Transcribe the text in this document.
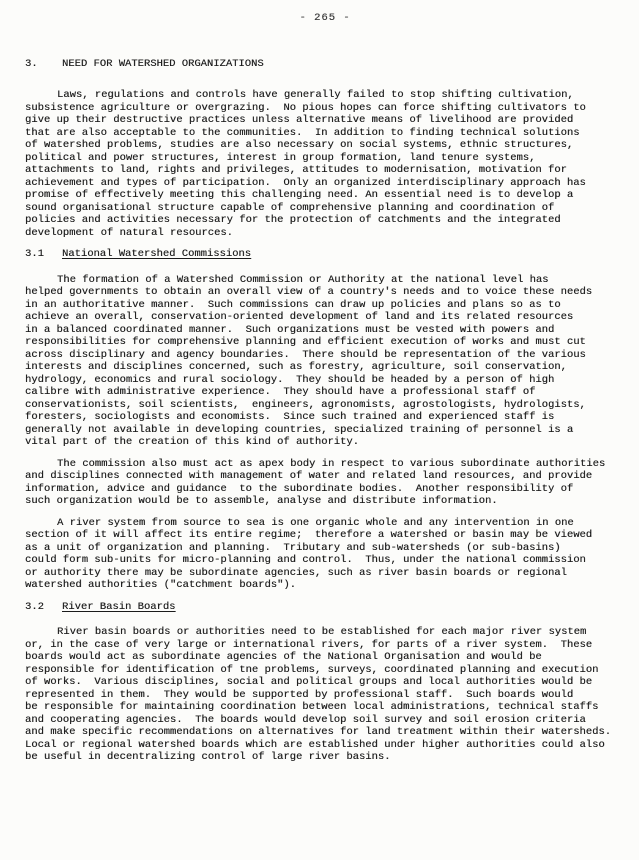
- 265 -
3. NEED FOR WATERSHED ORGANIZATIONS
Laws, regulations and controls have generally failed to stop shifting cultivation,
subsistence agriculture or overgrazing.  No pious hopes can force shifting cultivators to
give up their destructive practices unless alternative means of livelihood are provided
that are also acceptable to the communities.  In addition to finding technical solutions
of watershed problems, studies are also necessary on social systems, ethnic structures,
political and power structures, interest in group formation, land tenure systems,
attachments to land, rights and privileges, attitudes to modernisation, motivation for
achievement and types of participation.  Only an organized interdisciplinary approach has
promise of effectively meeting this challenging need. An essential need is to develop a
sound organisational structure capable of comprehensive planning and coordination of
policies and activities necessary for the protection of catchments and the integrated
development of natural resources.
3.1 National Watershed Commissions
The formation of a Watershed Commission or Authority at the national level has
helped governments to obtain an overall view of a country's needs and to voice these needs
in an authoritative manner.  Such commissions can draw up policies and plans so as to
achieve an overall, conservation-oriented development of land and its related resources
in a balanced coordinated manner.  Such organizations must be vested with powers and
responsibilities for comprehensive planning and efficient execution of works and must cut
across disciplinary and agency boundaries.  There should be representation of the various
interests and disciplines concerned, such as forestry, agriculture, soil conservation,
hydrology, economics and rural sociology.  They should be headed by a person of high
calibre with administrative experience.  They should have a professional staff of
conservationists, soil scientists,  engineers, agronomists, agrostologists, hydrologists,
foresters, sociologists and economists.  Since such trained and experienced staff is
generally not available in developing countries, specialized training of personnel is a
vital part of the creation of this kind of authority.
The commission also must act as apex body in respect to various subordinate authorities
and disciplines connected with management of water and related land resources, and provide
information, advice and guidance  to the subordinate bodies.  Another responsibility of
such organization would be to assemble, analyse and distribute information.
A river system from source to sea is one organic whole and any intervention in one
section of it will affect its entire regime;  therefore a watershed or basin may be viewed
as a unit of organization and planning.  Tributary and sub-watersheds (or sub-basins)
could form sub-units for micro-planning and control.  Thus, under the national commission
or authority there may be subordinate agencies, such as river basin boards or regional
watershed authorities ("catchment boards").
3.2 River Basin Boards
River basin boards or authorities need to be established for each major river system
or, in the case of very large or international rivers, for parts of a river system.  These
boards would act as subordinate agencies of the National Organisation and would be
responsible for identification of tne problems, surveys, coordinated planning and execution
of works.  Various disciplines, social and political groups and local authorities would be
represented in them.  They would be supported by professional staff.  Such boards would
be responsible for maintaining coordination between local administrations, technical staffs
and cooperating agencies.  The boards would develop soil survey and soil erosion criteria
and make specific recommendations on alternatives for land treatment within their watersheds.
Local or regional watershed boards which are established under higher authorities could also
be useful in decentralizing control of large river basins.
